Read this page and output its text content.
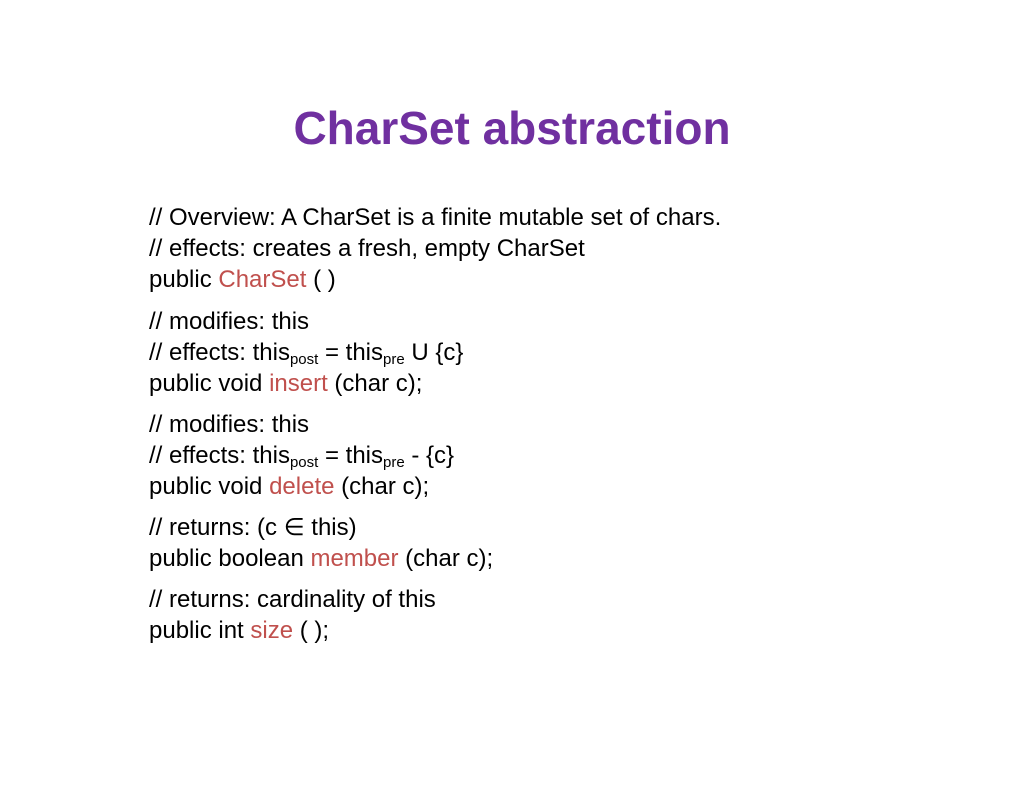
CharSet abstraction
// Overview: A CharSet is a finite mutable set of chars.
// effects: creates a fresh, empty CharSet
public CharSet ( )
// modifies: this
// effects: this$_{post}$ = this$_{pre}$ U {c}
public void insert (char c);
// modifies: this
// effects: this$_{post}$ = this$_{pre}$ - {c}
public void delete (char c);
// returns: (c ∈ this)
public boolean member (char c);
// returns: cardinality of this
public int size ( );
